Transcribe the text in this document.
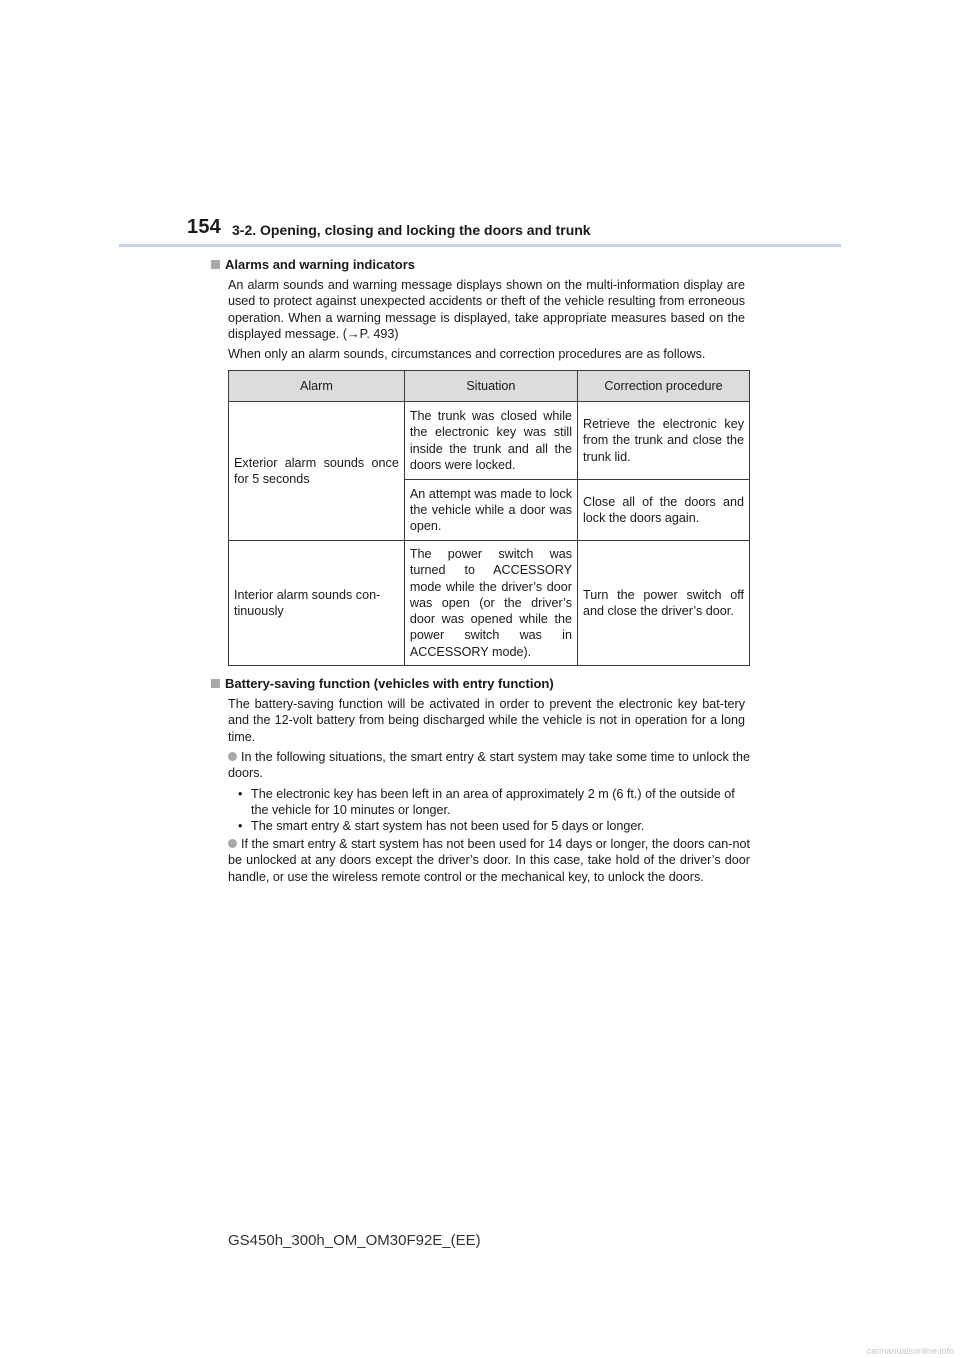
154 3-2. Opening, closing and locking the doors and trunk
Alarms and warning indicators
An alarm sounds and warning message displays shown on the multi-information display are used to protect against unexpected accidents or theft of the vehicle resulting from erroneous operation. When a warning message is displayed, take appropriate measures based on the displayed message. (→P. 493)
When only an alarm sounds, circumstances and correction procedures are as follows.
Alarm	Situation	Correction procedure
Exterior alarm sounds once for 5 seconds	The trunk was closed while the electronic key was still inside the trunk and all the doors were locked.	Retrieve the electronic key from the trunk and close the trunk lid.
	An attempt was made to lock the vehicle while a door was open.	Close all of the doors and lock the doors again.
Interior alarm sounds con-tinuously	The power switch was turned to ACCESSORY mode while the driver’s door was open (or the driver’s door was opened while the power switch was in ACCESSORY mode).	Turn the power switch off and close the driver’s door.
Battery-saving function (vehicles with entry function)
The battery-saving function will be activated in order to prevent the electronic key bat-tery and the 12-volt battery from being discharged while the vehicle is not in operation for a long time.
In the following situations, the smart entry & start system may take some time to unlock the doors.
• The electronic key has been left in an area of approximately 2 m (6 ft.) of the outside of the vehicle for 10 minutes or longer.
• The smart entry & start system has not been used for 5 days or longer.
If the smart entry & start system has not been used for 14 days or longer, the doors can-not be unlocked at any doors except the driver’s door. In this case, take hold of the driver’s door handle, or use the wireless remote control or the mechanical key, to unlock the doors.
GS450h_300h_OM_OM30F92E_(EE)
carmanualsonline.info
